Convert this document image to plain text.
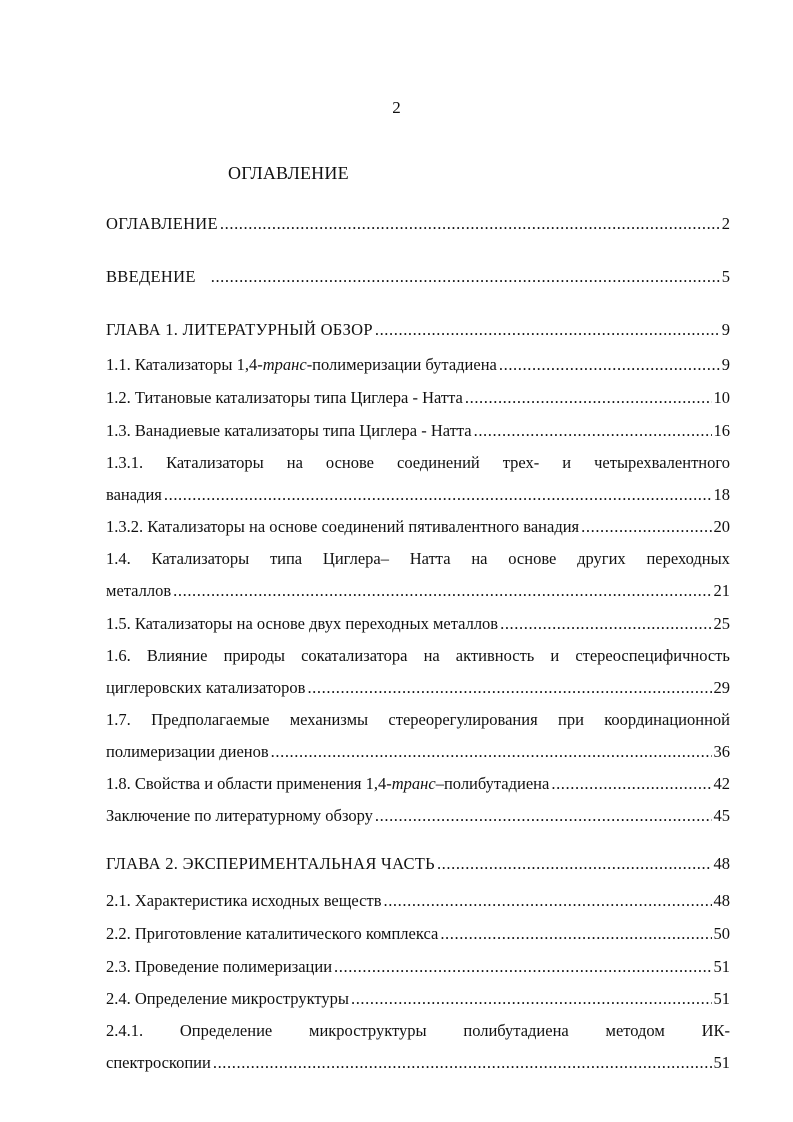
2
ОГЛАВЛЕНИЕ
ОГЛАВЛЕНИЕ .....	2
ВВЕДЕНИЕ .....	5
ГЛАВА 1. ЛИТЕРАТУРНЫЙ ОБЗОР .....	9
1.1. Катализаторы 1,4-транс-полимеризации бутадиена .....	9
1.2. Титановые катализаторы типа Циглера - Натта .....	10
1.3. Ванадиевые катализаторы типа Циглера - Натта .....	16
1.3.1. Катализаторы на основе соединений трех- и четырехвалентного
ванадия .....	18
1.3.2. Катализаторы на основе соединений пятивалентного ванадия .....	20
1.4. Катализаторы типа Циглера– Натта на основе других переходных
металлов .....	21
1.5. Катализаторы на основе двух переходных металлов .....	25
1.6. Влияние природы сокатализатора на активность и стереоспецифичность
циглеровских катализаторов .....	29
1.7. Предполагаемые механизмы стереорегулирования при координационной
полимеризации диенов .....	36
1.8. Свойства и области применения 1,4-транс–полибутадиена .....	42
Заключение по литературному обзору .....	45
ГЛАВА 2. ЭКСПЕРИМЕНТАЛЬНАЯ ЧАСТЬ .....	48
2.1. Характеристика исходных веществ .....	48
2.2. Приготовление каталитического комплекса .....	50
2.3. Проведение полимеризации .....	51
2.4. Определение микроструктуры .....	51
2.4.1. Определение микроструктуры полибутадиена методом ИК-
спектроскопии .....	51
